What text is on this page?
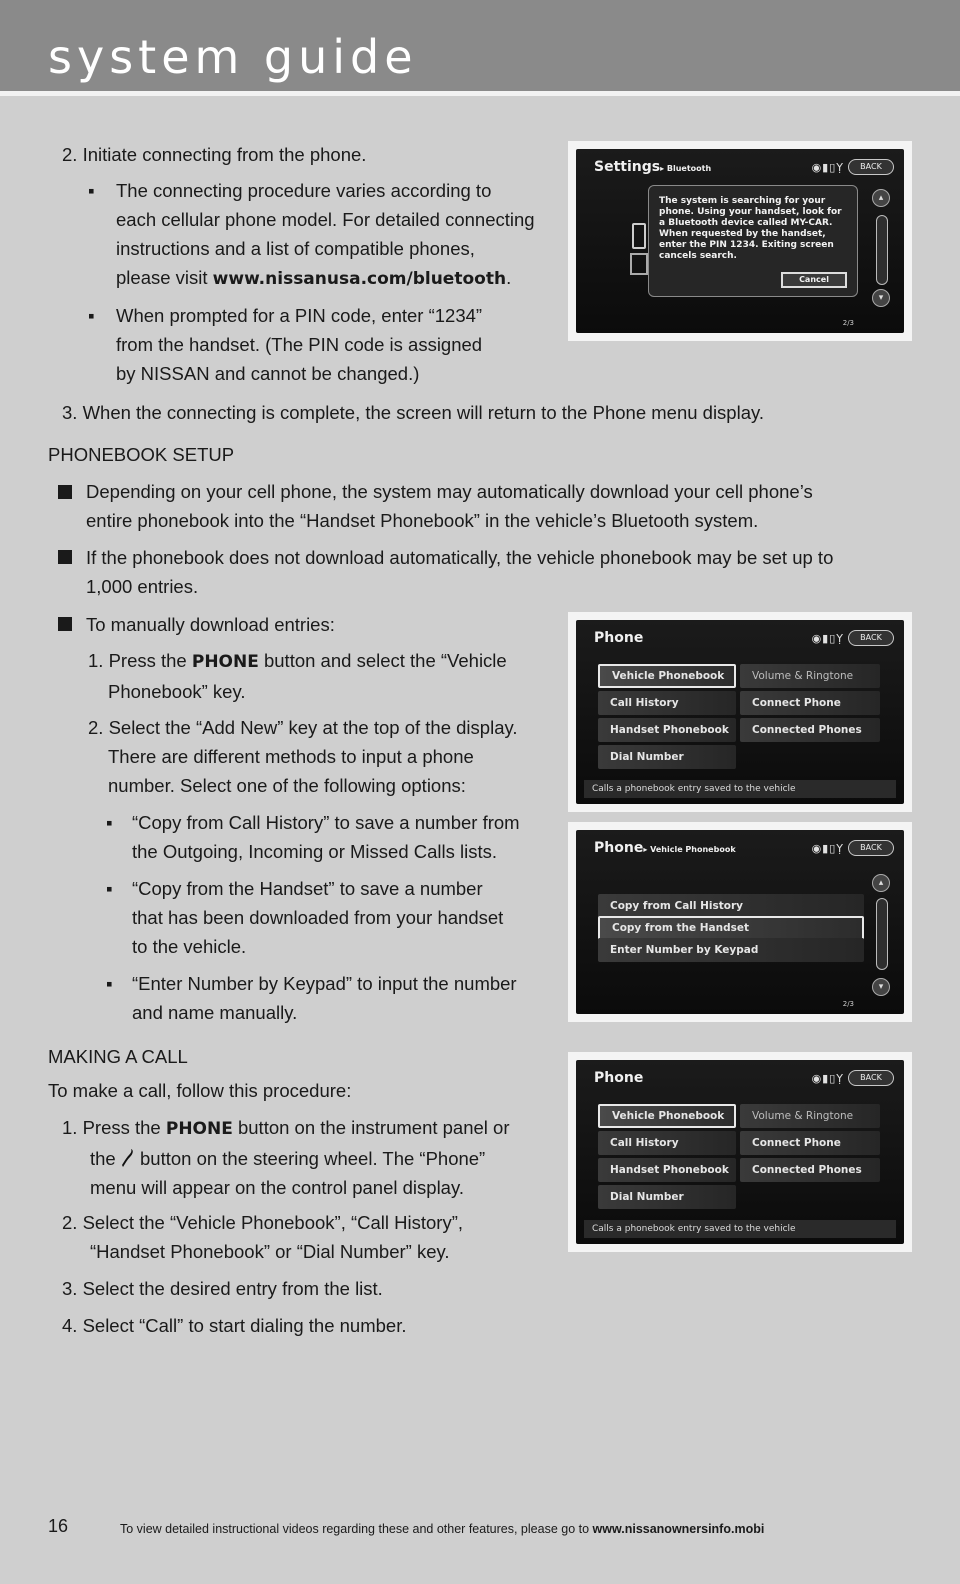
system guide
2. Initiate connecting from the phone.
▪ The connecting procedure varies according to
each cellular phone model. For detailed connecting
instructions and a list of compatible phones,
please visit www.nissanusa.com/bluetooth.
▪ When prompted for a PIN code, enter “1234”
from the handset. (The PIN code is assigned
by NISSAN and cannot be changed.)
3. When the connecting is complete, the screen will return to the Phone menu display.
PHONEBOOK SETUP
Depending on your cell phone, the system may automatically download your cell phone’s
entire phonebook into the “Handset Phonebook” in the vehicle’s Bluetooth system.
If the phonebook does not download automatically, the vehicle phonebook may be set up to
1,000 entries.
To manually download entries:
1. Press the PHONE button and select the “Vehicle
Phonebook” key.
2. Select the “Add New” key at the top of the display.
There are different methods to input a phone
number. Select one of the following options:
▪ “Copy from Call History” to save a number from
the Outgoing, Incoming or Missed Calls lists.
▪ “Copy from the Handset” to save a number
that has been downloaded from your handset
to the vehicle.
▪ “Enter Number by Keypad” to input the number
and name manually.
MAKING A CALL
To make a call, follow this procedure:
1. Press the PHONE button on the instrument panel or
the  button on the steering wheel. The “Phone”
menu will appear on the control panel display.
2. Select the “Vehicle Phonebook”, “Call History”,
“Handset Phonebook” or “Dial Number” key.
3. Select the desired entry from the list.
4. Select “Call” to start dialing the number.
Settings▸ Bluetooth	◉▮▯Ỵ	BACK
The system is searching for your phone. Using your handset, look for a Bluetooth device called MY-CAR. When requested by the handset, enter the PIN 1234. Exiting screen cancels search.
Cancel
▴
▾
2/3
Phone	◉▮▯Ỵ	BACK
Vehicle Phonebook
Call History
Handset Phonebook
Dial Number
Volume & Ringtone
Connect Phone
Connected Phones
Calls a phonebook entry saved to the vehicle
Phone▸ Vehicle Phonebook	◉▮▯Ỵ	BACK
Copy from Call History
Copy from the Handset
Enter Number by Keypad
▴
▾
2/3
Phone	◉▮▯Ỵ	BACK
Vehicle Phonebook
Call History
Handset Phonebook
Dial Number
Volume & Ringtone
Connect Phone
Connected Phones
Calls a phonebook entry saved to the vehicle
16	To view detailed instructional videos regarding these and other features, please go to www.nissanownersinfo.mobi
